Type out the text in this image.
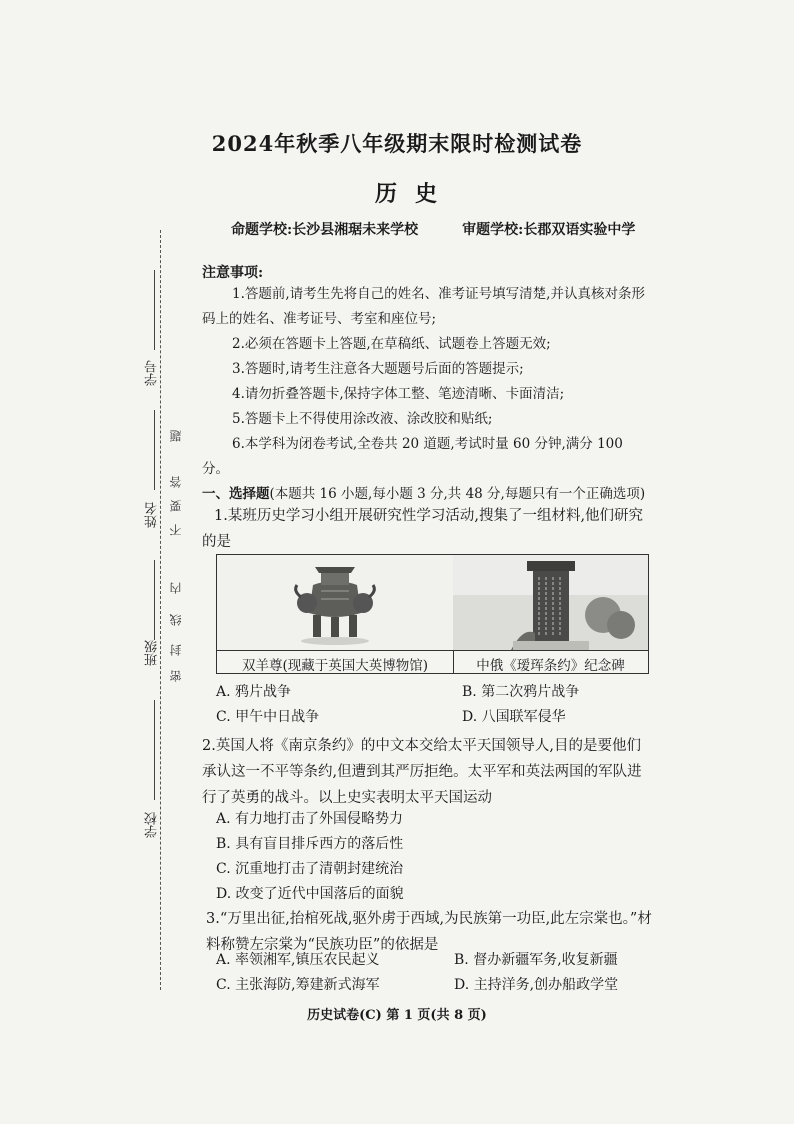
学号
姓名
班级
学校
题
答
要
不
内
线
封
密
2024年秋季八年级期末限时检测试卷
历史
命题学校:长沙县湘琚未来学校	审题学校:长郡双语实验中学
注意事项:
1.答题前,请考生先将自己的姓名、准考证号填写清楚,并认真核对条形码上的姓名、准考证号、考室和座位号;
2.必须在答题卡上答题,在草稿纸、试题卷上答题无效;
3.答题时,请考生注意各大题题号后面的答题提示;
4.请勿折叠答题卡,保持字体工整、笔迹清晰、卡面清洁;
5.答题卡上不得使用涂改液、涂改胶和贴纸;
6.本学科为闭卷考试,全卷共 20 道题,考试时量 60 分钟,满分 100 分。
一、选择题(本题共 16 小题,每小题 3 分,共 48 分,每题只有一个正确选项)
1.某班历史学习小组开展研究性学习活动,搜集了一组材料,他们研究的是
双羊尊(现藏于英国大英博物馆)	中俄《瑷珲条约》纪念碑
A. 鸦片战争	B. 第二次鸦片战争
C. 甲午中日战争	D. 八国联军侵华
2.英国人将《南京条约》的中文本交给太平天国领导人,目的是要他们承认这一不平等条约,但遭到其严厉拒绝。太平军和英法两国的军队进行了英勇的战斗。以上史实表明太平天国运动
A. 有力地打击了外国侵略势力
B. 具有盲目排斥西方的落后性
C. 沉重地打击了清朝封建统治
D. 改变了近代中国落后的面貌
3.“万里出征,抬棺死战,驱外虏于西域,为民族第一功臣,此左宗棠也。”材料称赞左宗棠为“民族功臣”的依据是
A. 率领湘军,镇压农民起义	B. 督办新疆军务,收复新疆
C. 主张海防,筹建新式海军	D. 主持洋务,创办船政学堂
历史试卷(C) 第 1 页(共 8 页)
